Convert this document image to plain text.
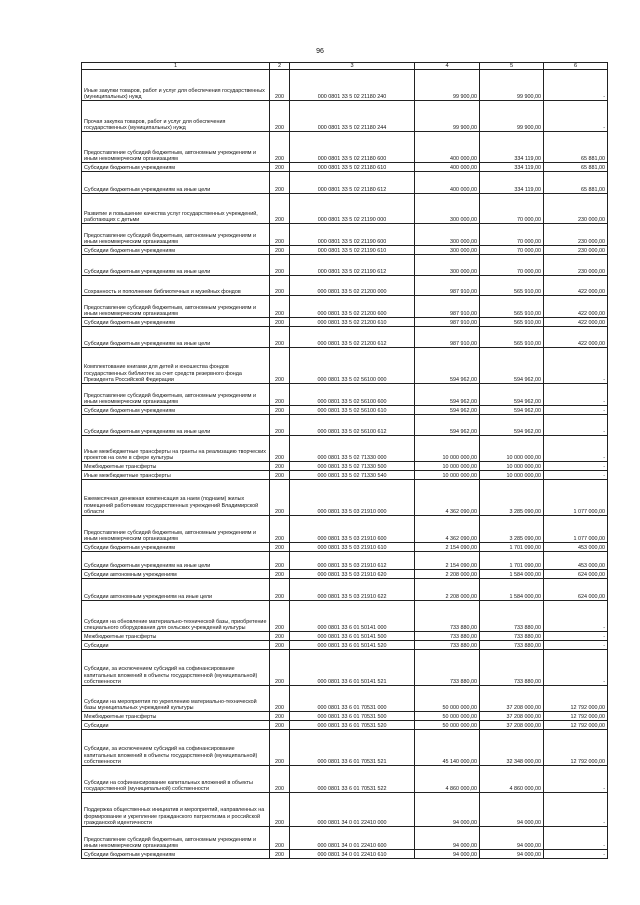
96
1	2	3	4	5	6
Иные закупки товаров, работ и услуг для обеспечения государственных (муниципальных) нужд	200	000 0801 33 5 02 21180 240	99 900,00	99 900,00	-
Прочая закупка товаров, работ и услуг для обеспечения государственных (муниципальных) нужд	200	000 0801 33 5 02 21180 244	99 900,00	99 900,00	-
Предоставление субсидий бюджетным, автономным учреждениям и иным некоммерческим организациям	200	000 0801 33 5 02 21180 600	400 000,00	334 119,00	65 881,00
Субсидии бюджетным учреждениям	200	000 0801 33 5 02 21180 610	400 000,00	334 119,00	65 881,00
Субсидии бюджетным учреждениям на иные цели	200	000 0801 33 5 02 21180 612	400 000,00	334 119,00	65 881,00
Развитие и повышение качества услуг государственных учреждений, работающих с детьми	200	000 0801 33 5 02 21190 000	300 000,00	70 000,00	230 000,00
Предоставление субсидий бюджетным, автономным учреждениям и иным некоммерческим организациям	200	000 0801 33 5 02 21190 600	300 000,00	70 000,00	230 000,00
Субсидии бюджетным учреждениям	200	000 0801 33 5 02 21190 610	300 000,00	70 000,00	230 000,00
Субсидии бюджетным учреждениям на иные цели	200	000 0801 33 5 02 21190 612	300 000,00	70 000,00	230 000,00
Сохранность и пополнение библиотечных и музейных фондов	200	000 0801 33 5 02 21200 000	987 910,00	565 910,00	422 000,00
Предоставление субсидий бюджетным, автономным учреждениям и иным некоммерческим организациям	200	000 0801 33 5 02 21200 600	987 910,00	565 910,00	422 000,00
Субсидии бюджетным учреждениям	200	000 0801 33 5 02 21200 610	987 910,00	565 910,00	422 000,00
Субсидии бюджетным учреждениям на иные цели	200	000 0801 33 5 02 21200 612	987 910,00	565 910,00	422 000,00
Комплектование книгами для детей и юношества фондов государственных библиотек за счет средств резервного фонда Президента Российской Федерации	200	000 0801 33 5 02 56100 000	594 962,00	594 962,00	-
Предоставление субсидий бюджетным, автономным учреждениям и иным некоммерческим организациям	200	000 0801 33 5 02 56100 600	594 962,00	594 962,00	-
Субсидии бюджетным учреждениям	200	000 0801 33 5 02 56100 610	594 962,00	594 962,00	-
Субсидии бюджетным учреждениям на иные цели	200	000 0801 33 5 02 56100 612	594 962,00	594 962,00	-
Иные межбюджетные трансферты на гранты на реализацию творческих проектов на селе в сфере культуры	200	000 0801 33 5 02 71330 000	10 000 000,00	10 000 000,00	-
Межбюджетные трансферты	200	000 0801 33 5 02 71330 500	10 000 000,00	10 000 000,00	-
Иные межбюджетные трансферты	200	000 0801 33 5 02 71330 540	10 000 000,00	10 000 000,00	-
Ежемесячная денежная компенсация за наем (поднаем) жилых помещений работникам государственных учреждений Владимирской области	200	000 0801 33 5 03 21910 000	4 362 090,00	3 285 090,00	1 077 000,00
Предоставление субсидий бюджетным, автономным учреждениям и иным некоммерческим организациям	200	000 0801 33 5 03 21910 600	4 362 090,00	3 285 090,00	1 077 000,00
Субсидии бюджетным учреждениям	200	000 0801 33 5 03 21910 610	2 154 090,00	1 701 090,00	453 000,00
Субсидии бюджетным учреждениям на иные цели	200	000 0801 33 5 03 21910 612	2 154 090,00	1 701 090,00	453 000,00
Субсидии автономным учреждениям	200	000 0801 33 5 03 21910 620	2 208 000,00	1 584 000,00	624 000,00
Субсидии автономным учреждениям на иные цели	200	000 0801 33 5 03 21910 622	2 208 000,00	1 584 000,00	624 000,00
Субсидия на обновление материально-технической базы, приобретение специального оборудования для сельских учреждений культуры	200	000 0801 33 6 01 50141 000	733 880,00	733 880,00	-
Межбюджетные трансферты	200	000 0801 33 6 01 50141 500	733 880,00	733 880,00	-
Субсидии	200	000 0801 33 6 01 50141 520	733 880,00	733 880,00	-
Субсидии, за исключением субсидий на софинансирование капитальных вложений в объекты государственной (муниципальной) собственности	200	000 0801 33 6 01 50141 521	733 880,00	733 880,00	-
Субсидии на мероприятия по укреплению материально-технической базы муниципальных учреждений культуры	200	000 0801 33 6 01 70531 000	50 000 000,00	37 208 000,00	12 792 000,00
Межбюджетные трансферты	200	000 0801 33 6 01 70531 500	50 000 000,00	37 208 000,00	12 792 000,00
Субсидии	200	000 0801 33 6 01 70531 520	50 000 000,00	37 208 000,00	12 792 000,00
Субсидии, за исключением субсидий на софинансирование капитальных вложений в объекты государственной (муниципальной) собственности	200	000 0801 33 6 01 70531 521	45 140 000,00	32 348 000,00	12 792 000,00
Субсидии на софинансирование капитальных вложений в объекты государственной (муниципальной) собственности	200	000 0801 33 6 01 70531 522	4 860 000,00	4 860 000,00	-
Поддержка общественных инициатив и мероприятий, направленных на формирование и укрепление гражданского патриотизма и российской гражданской идентичности	200	000 0801 34 0 01 22410 000	94 000,00	94 000,00	-
Предоставление субсидий бюджетным, автономным учреждениям и иным некоммерческим организациям	200	000 0801 34 0 01 22410 600	94 000,00	94 000,00	-
Субсидии бюджетным учреждениям	200	000 0801 34 0 01 22410 610	94 000,00	94 000,00	-
